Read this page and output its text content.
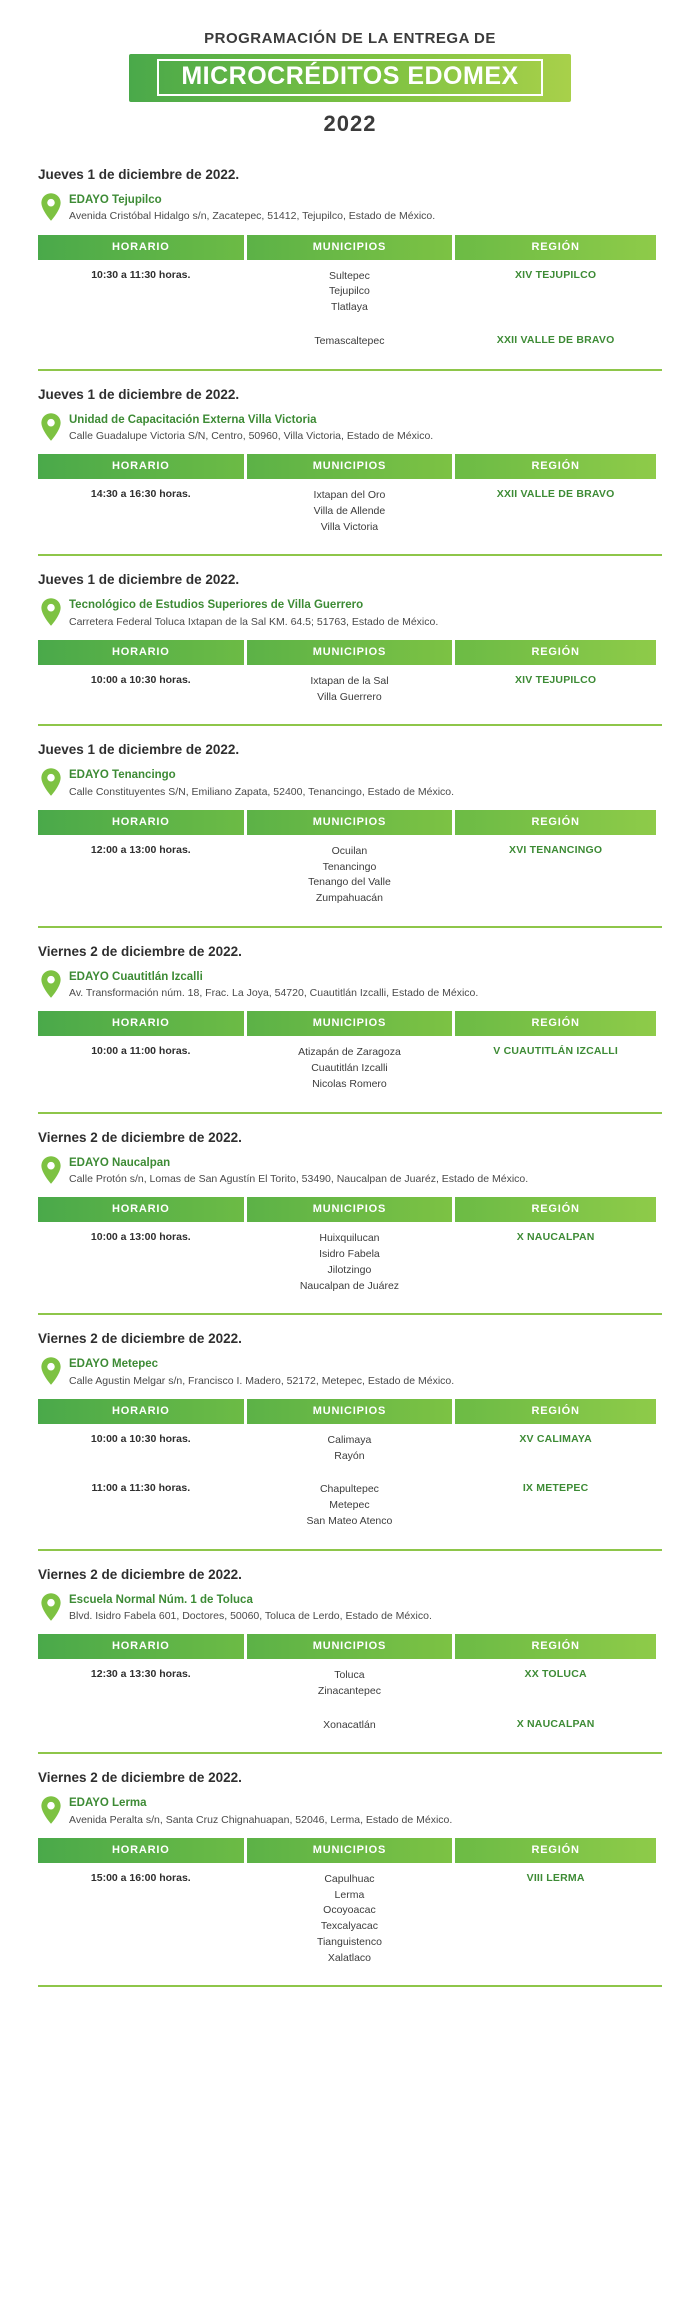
PROGRAMACIÓN DE LA ENTREGA DE
MICROCRÉDITOS EDOMEX
2022
Jueves 1 de diciembre de 2022.
EDAYO Tejupilco
Avenida Cristóbal Hidalgo s/n, Zacatepec, 51412, Tejupilco, Estado de México.
HORARIO	MUNICIPIOS	REGIÓN
10:30 a 11:30 horas.	Sultepec
Tejupilco
Tlatlaya	XIV TEJUPILCO
	Temascaltepec	XXII VALLE DE BRAVO
Jueves 1 de diciembre de 2022.
Unidad de Capacitación Externa Villa Victoria
Calle Guadalupe Victoria S/N, Centro, 50960, Villa Victoria, Estado de México.
HORARIO	MUNICIPIOS	REGIÓN
14:30 a 16:30 horas.	Ixtapan del Oro
Villa de Allende
Villa Victoria	XXII VALLE DE BRAVO
Jueves 1 de diciembre de 2022.
Tecnológico de Estudios Superiores de Villa Guerrero
Carretera Federal Toluca Ixtapan de la Sal KM. 64.5; 51763, Estado de México.
HORARIO	MUNICIPIOS	REGIÓN
10:00 a 10:30 horas.	Ixtapan de la Sal
Villa Guerrero	XIV TEJUPILCO
Jueves 1 de diciembre de 2022.
EDAYO Tenancingo
Calle Constituyentes S/N, Emiliano Zapata, 52400, Tenancingo, Estado de México.
HORARIO	MUNICIPIOS	REGIÓN
12:00 a 13:00 horas.	Ocuilan
Tenancingo
Tenango del Valle
Zumpahuacán	XVI TENANCINGO
Viernes 2 de diciembre de 2022.
EDAYO Cuautitlán Izcalli
Av. Transformación núm. 18, Frac. La Joya, 54720, Cuautitlán Izcalli, Estado de México.
HORARIO	MUNICIPIOS	REGIÓN
10:00 a 11:00 horas.	Atizapán de Zaragoza
Cuautitlán Izcalli
Nicolas Romero	V CUAUTITLÁN IZCALLI
Viernes 2 de diciembre de 2022.
EDAYO Naucalpan
Calle Protón s/n, Lomas de San Agustín El Torito, 53490, Naucalpan de Juaréz, Estado de México.
HORARIO	MUNICIPIOS	REGIÓN
10:00 a 13:00 horas.	Huixquilucan
Isidro Fabela
Jilotzingo
Naucalpan de Juárez	X NAUCALPAN
Viernes 2 de diciembre de 2022.
EDAYO Metepec
Calle Agustin Melgar s/n, Francisco I. Madero, 52172, Metepec, Estado de México.
HORARIO	MUNICIPIOS	REGIÓN
10:00 a 10:30 horas.	Calimaya
Rayón	XV CALIMAYA
11:00 a 11:30 horas.	Chapultepec
Metepec
San Mateo Atenco	IX METEPEC
Viernes 2 de diciembre de 2022.
Escuela Normal Núm. 1 de Toluca
Blvd. Isidro Fabela 601, Doctores, 50060, Toluca de Lerdo, Estado de México.
HORARIO	MUNICIPIOS	REGIÓN
12:30 a 13:30 horas.	Toluca
Zinacantepec	XX TOLUCA
	Xonacatlán	X NAUCALPAN
Viernes 2 de diciembre de 2022.
EDAYO Lerma
Avenida Peralta s/n, Santa Cruz Chignahuapan, 52046, Lerma, Estado de México.
HORARIO	MUNICIPIOS	REGIÓN
15:00 a 16:00 horas.	Capulhuac
Lerma
Ocoyoacac
Texcalyacac
Tianguistenco
Xalatlaco	VIII LERMA
